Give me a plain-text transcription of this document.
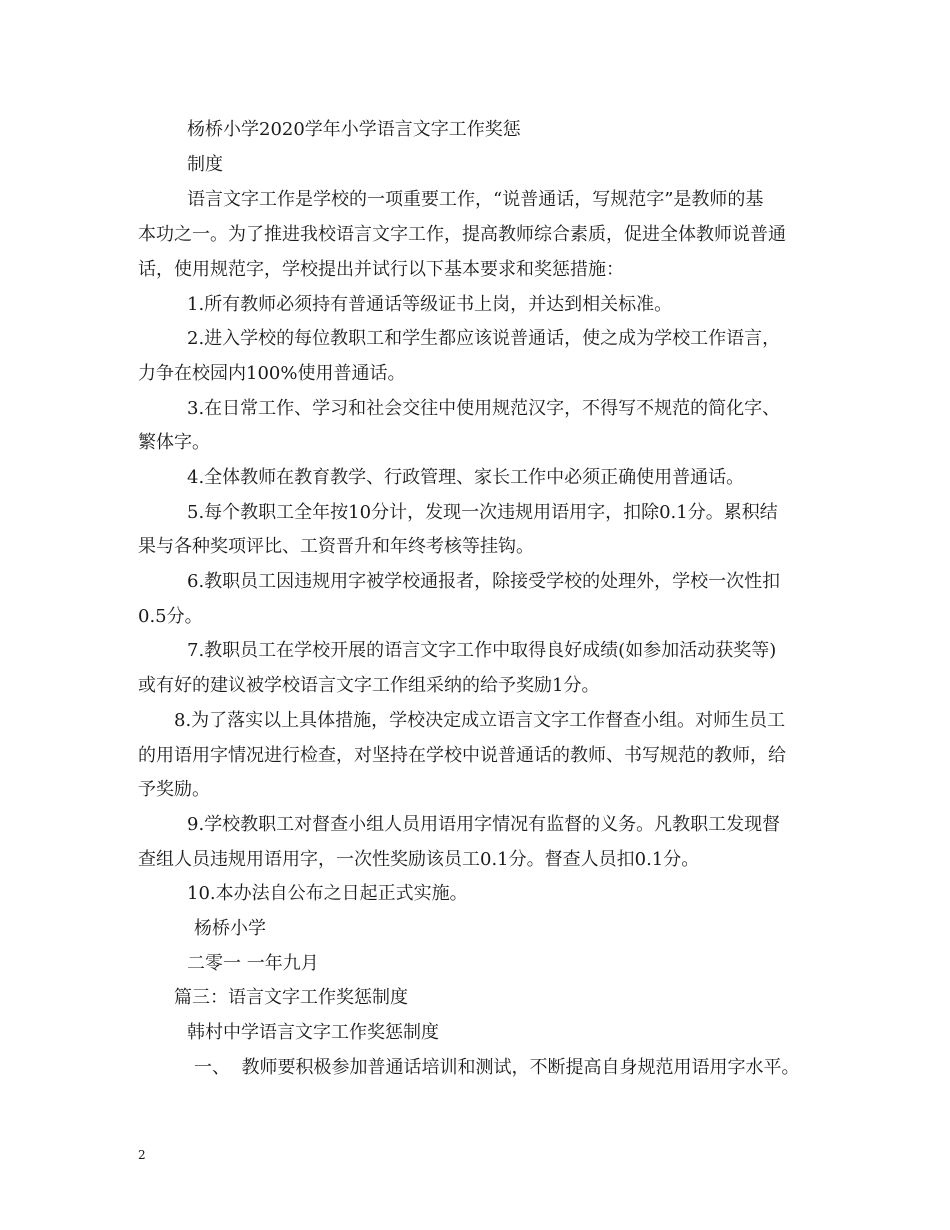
杨桥小学2020学年小学语言文字工作奖惩
制度
语言文字工作是学校的一项重要工作，“说普通话，写规范字”是教师的基
本功之一。为了推进我校语言文字工作，提高教师综合素质，促进全体教师说普通
话，使用规范字，学校提出并试行以下基本要求和奖惩措施：
1.所有教师必须持有普通话等级证书上岗，并达到相关标准。
2.进入学校的每位教职工和学生都应该说普通话，使之成为学校工作语言，
力争在校园内100%使用普通话。
3.在日常工作、学习和社会交往中使用规范汉字，不得写不规范的简化字、
繁体字。
4.全体教师在教育教学、行政管理、家长工作中必须正确使用普通话。
5.每个教职工全年按10分计，发现一次违规用语用字，扣除0.1分。累积结
果与各种奖项评比、工资晋升和年终考核等挂钩。
6.教职员工因违规用字被学校通报者，除接受学校的处理外，学校一次性扣
0.5分。
7.教职员工在学校开展的语言文字工作中取得良好成绩(如参加活动获奖等)
或有好的建议被学校语言文字工作组采纳的给予奖励1分。
8.为了落实以上具体措施，学校决定成立语言文字工作督查小组。对师生员工
的用语用字情况进行检查，对坚持在学校中说普通话的教师、书写规范的教师，给
予奖励。
9.学校教职工对督查小组人员用语用字情况有监督的义务。凡教职工发现督
查组人员违规用语用字，一次性奖励该员工0.1分。督查人员扣0.1分。
10.本办法自公布之日起正式实施。
杨桥小学
二零一 一年九月
篇三：语言文字工作奖惩制度
韩村中学语言文字工作奖惩制度
一、  教师要积极参加普通话培训和测试，不断提高自身规范用语用字水平。
2
